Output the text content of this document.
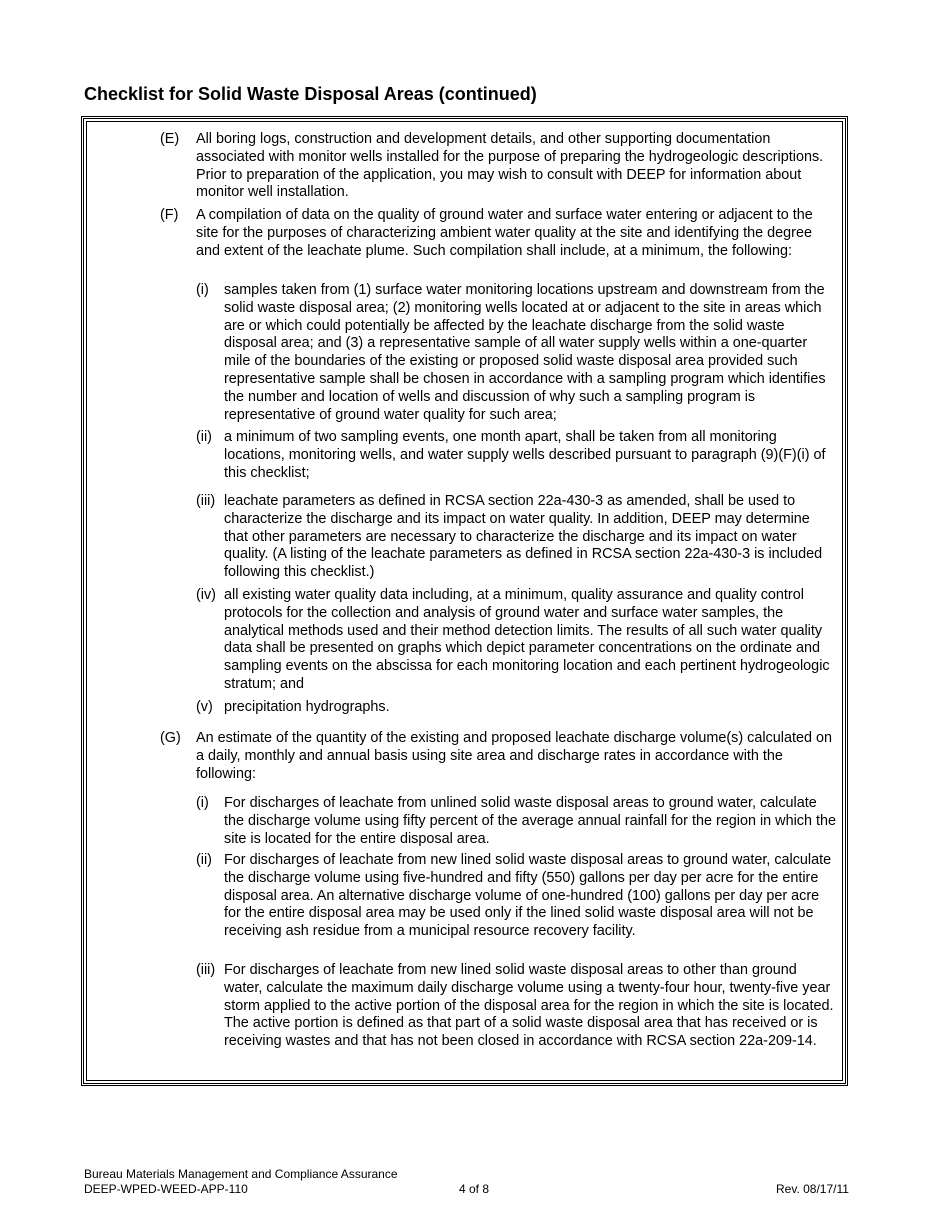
Checklist for Solid Waste Disposal Areas (continued)
(E) All boring logs, construction and development details, and other supporting documentation associated with monitor wells installed for the purpose of preparing the hydrogeologic descriptions. Prior to preparation of the application, you may wish to consult with DEEP for information about monitor well installation.

(F) A compilation of data on the quality of ground water and surface water entering or adjacent to the site for the purposes of characterizing ambient water quality at the site and identifying the degree and extent of the leachate plume. Such compilation shall include, at a minimum, the following:

(i) samples taken from (1) surface water monitoring locations upstream and downstream from the solid waste disposal area; (2) monitoring wells located at or adjacent to the site in areas which are or which could potentially be affected by the leachate discharge from the solid waste disposal area; and (3) a representative sample of all water supply wells within a one-quarter mile of the boundaries of the existing or proposed solid waste disposal area provided such representative sample shall be chosen in accordance with a sampling program which identifies the number and location of wells and discussion of why such a sampling program is representative of ground water quality for such area;

(ii) a minimum of two sampling events, one month apart, shall be taken from all monitoring locations, monitoring wells, and water supply wells described pursuant to paragraph (9)(F)(i) of this checklist;

(iii) leachate parameters as defined in RCSA section 22a-430-3 as amended, shall be used to characterize the discharge and its impact on water quality. In addition, DEEP may determine that other parameters are necessary to characterize the discharge and its impact on water quality. (A listing of the leachate parameters as defined in RCSA section 22a-430-3 is included following this checklist.)

(iv) all existing water quality data including, at a minimum, quality assurance and quality control protocols for the collection and analysis of ground water and surface water samples, the analytical methods used and their method detection limits. The results of all such water quality data shall be presented on graphs which depict parameter concentrations on the ordinate and sampling events on the abscissa for each monitoring location and each pertinent hydrogeologic stratum; and

(v) precipitation hydrographs.

(G) An estimate of the quantity of the existing and proposed leachate discharge volume(s) calculated on a daily, monthly and annual basis using site area and discharge rates in accordance with the following:

(i) For discharges of leachate from unlined solid waste disposal areas to ground water, calculate the discharge volume using fifty percent of the average annual rainfall for the region in which the site is located for the entire disposal area.

(ii) For discharges of leachate from new lined solid waste disposal areas to ground water, calculate the discharge volume using five-hundred and fifty (550) gallons per day per acre for the entire disposal area. An alternative discharge volume of one-hundred (100) gallons per day per acre for the entire disposal area may be used only if the lined solid waste disposal area will not be receiving ash residue from a municipal resource recovery facility.

(iii) For discharges of leachate from new lined solid waste disposal areas to other than ground water, calculate the maximum daily discharge volume using a twenty-four hour, twenty-five year storm applied to the active portion of the disposal area for the region in which the site is located. The active portion is defined as that part of a solid waste disposal area that has received or is receiving wastes and that has not been closed in accordance with RCSA section 22a-209-14.

Bureau Materials Management and Compliance Assurance
DEEP-WPED-WEED-APP-110	4 of 8	Rev. 08/17/11
